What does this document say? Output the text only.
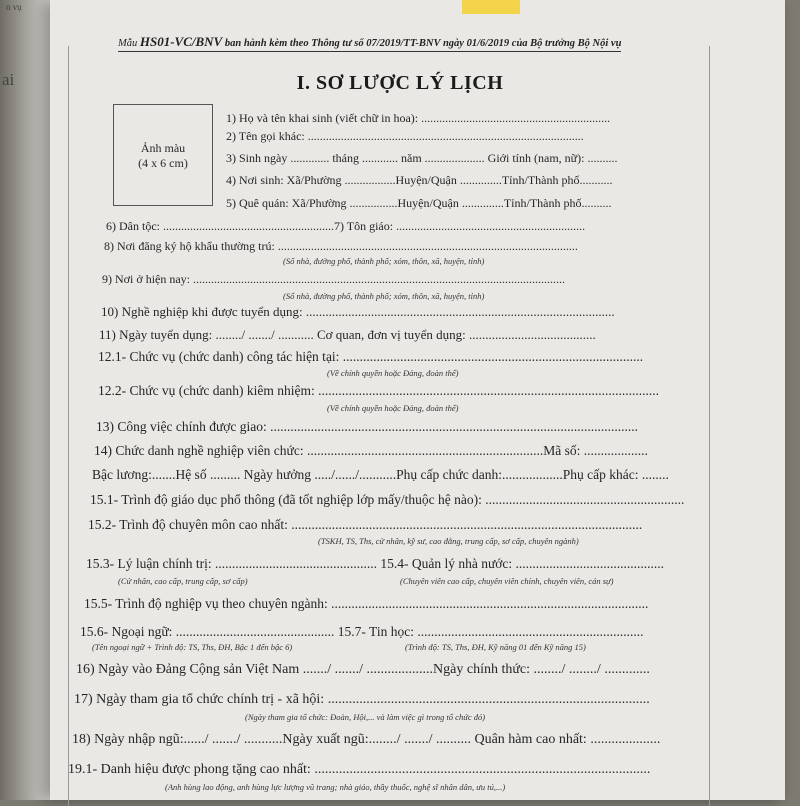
ai
n vụ
Mẫu HS01-VC/BNV ban hành kèm theo Thông tư số 07/2019/TT-BNV ngày 01/6/2019 của Bộ trưởng Bộ Nội vụ
I. SƠ LƯỢC LÝ LỊCH
Ảnh màu
(4 x 6 cm)
1) Họ và tên khai sinh (viết chữ in hoa): ...............................................................
2) Tên gọi khác: ............................................................................................
3) Sinh ngày ............. tháng ............ năm .................... Giới tính (nam, nữ): ..........
4) Nơi sinh: Xã/Phường .................Huyện/Quận ..............Tỉnh/Thành phố...........
5) Quê quán: Xã/Phường ................Huyện/Quận ..............Tỉnh/Thành phố..........
6) Dân tộc: .........................................................7) Tôn giáo: ...............................................................
8) Nơi đăng ký hộ khẩu thường trú: ....................................................................................................
(Số nhà, đường phố, thành phố; xóm, thôn, xã, huyện, tỉnh)
9) Nơi ở hiện nay: ............................................................................................................................
(Số nhà, đường phố, thành phố; xóm, thôn, xã, huyện, tỉnh)
10) Nghề nghiệp khi được tuyển dụng: ...............................................................................................
11) Ngày tuyển dụng: ......../ ......./ ........... Cơ quan, đơn vị tuyển dụng: .......................................
12.1- Chức vụ (chức danh) công tác hiện tại: .........................................................................................
(Về chính quyền hoặc Đảng, đoàn thể)
12.2- Chức vụ (chức danh) kiêm nhiệm: .....................................................................................................
(Về chính quyền hoặc Đảng, đoàn thể)
13) Công việc chính được giao: .............................................................................................................
14) Chức danh nghề nghiệp viên chức: ......................................................................Mã số: ...................
Bậc lương:.......Hệ số ......... Ngày hưởng ...../....../...........Phụ cấp chức danh:..................Phụ cấp khác: ........
15.1- Trình độ giáo dục phổ thông (đã tốt nghiệp lớp mấy/thuộc hệ nào): ...........................................................
15.2- Trình độ chuyên môn cao nhất: ........................................................................................................
(TSKH, TS, Ths, cử nhân, kỹ sư, cao đẳng, trung cấp, sơ cấp, chuyên ngành)
15.3- Lý luận chính trị: ................................................ 15.4- Quản lý nhà nước: ............................................
(Cử nhân, cao cấp, trung cấp, sơ cấp)	(Chuyên viên cao cấp, chuyên viên chính, chuyên viên, cán sự)
15.5- Trình độ nghiệp vụ theo chuyên ngành: ..............................................................................................
15.6- Ngoại ngữ: ............................................... 15.7- Tin học: ...................................................................
(Tên ngoại ngữ + Trình độ: TS, Ths, ĐH, Bậc 1 đến bậc 6)	(Trình độ: TS, Ths, ĐH, Kỹ năng 01 đến Kỹ năng 15)
16) Ngày vào Đảng Cộng sản Việt Nam ......./ ......./ ...................Ngày chính thức: ......../ ......../ .............
17) Ngày tham gia tổ chức chính trị - xã hội: ............................................................................................
(Ngày tham gia tổ chức: Đoàn, Hội,... và làm việc gì trong tổ chức đó)
18) Ngày nhập ngũ:....../ ......./ ...........Ngày xuất ngũ:......../ ......./ .......... Quân hàm cao nhất: ....................
19.1- Danh hiệu được phong tặng cao nhất: ................................................................................................
(Anh hùng lao động, anh hùng lực lượng vũ trang; nhà giáo, thầy thuốc, nghệ sĩ nhân dân, ưu tú,...)
